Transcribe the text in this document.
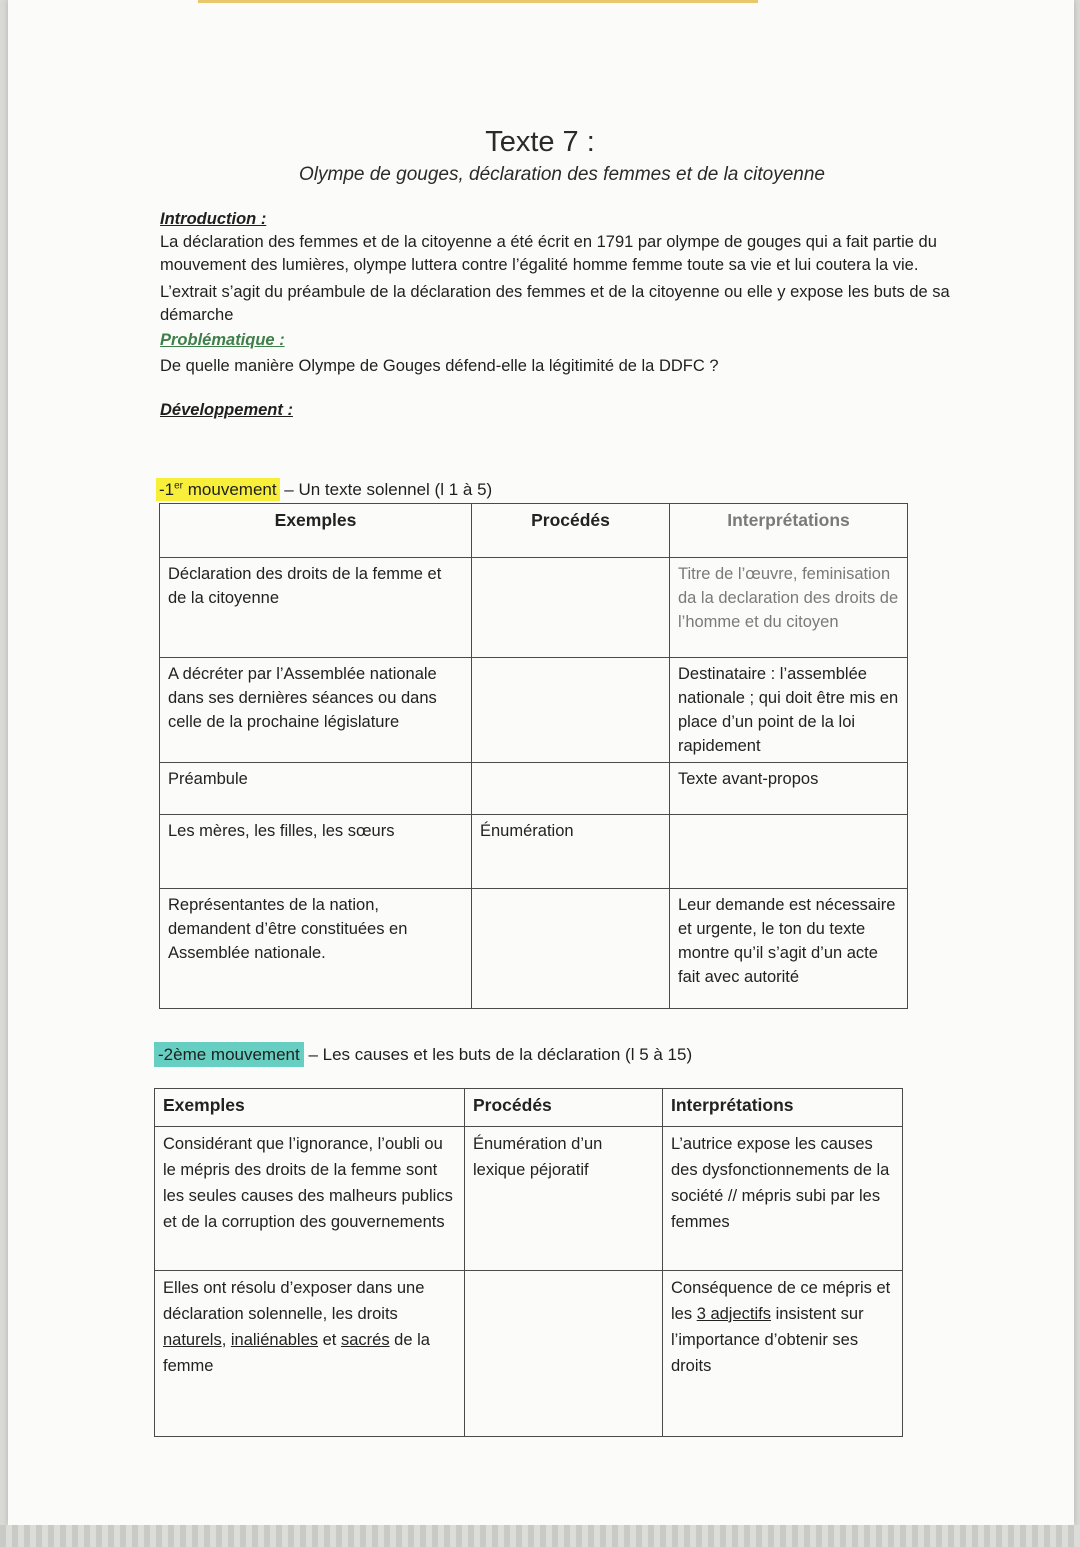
Texte 7 :
Olympe de gouges, déclaration des femmes et de la citoyenne
Introduction :
La déclaration des femmes et de la citoyenne a été écrit en 1791 par olympe de gouges qui a fait partie du mouvement des lumières, olympe luttera contre l’égalité homme femme toute sa vie et lui coutera la vie.
L’extrait s’agit du préambule de la déclaration des femmes et de la citoyenne ou elle y expose les buts de sa démarche
Problématique :
De quelle manière Olympe de Gouges défend-elle la légitimité de la DDFC ?
Développement :
-1er mouvement – Un texte solennel (l 1 à 5)
Exemples	Procédés	Interprétations
Déclaration des droits de la femme et de la citoyenne		Titre de l’œuvre, feminisation da la declaration des droits de l’homme et du citoyen
A décréter par l’Assemblée nationale dans ses dernières séances ou dans celle de la prochaine législature		Destinataire : l’assemblée nationale ; qui doit être mis en place d’un point de la loi rapidement
Préambule		Texte avant-propos
Les mères, les filles, les sœurs	Énumération	
Représentantes de la nation, demandent d’être constituées en Assemblée nationale.		Leur demande est nécessaire et urgente, le ton du texte montre qu’il s’agit d’un acte fait avec autorité
-2ème mouvement – Les causes et les buts de la déclaration (l 5 à 15)
Exemples	Procédés	Interprétations
Considérant que l’ignorance, l’oubli ou le mépris des droits de la femme sont les seules causes des malheurs publics et de la corruption des gouvernements	Énumération d’un lexique péjoratif	L’autrice expose les causes des dysfonctionnements de la société // mépris subi par les femmes
Elles ont résolu d’exposer dans une déclaration solennelle, les droits naturels, inaliénables et sacrés de la femme		Conséquence de ce mépris et les 3 adjectifs insistent sur l’importance d’obtenir ses droits
